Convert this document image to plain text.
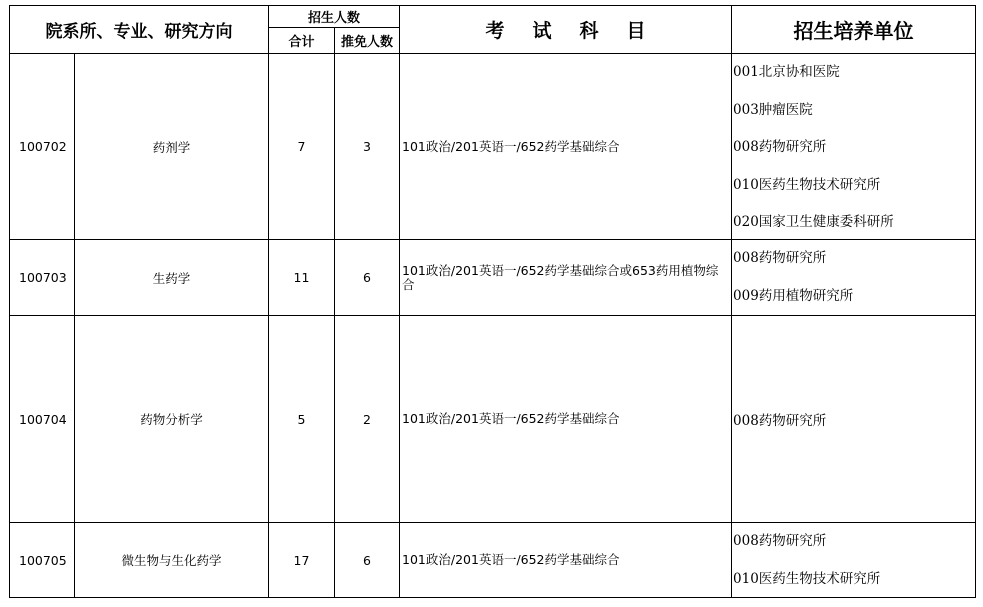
院系所、专业、研究方向		招生人数		考试科目	招生培养单位
		合计	推免人数		
100702	药剂学	7	3	101政治/201英语一/652药学基础综合	001北京协和医院
003肿瘤医院
008药物研究所
010医药生物技术研究所
020国家卫生健康委科研所

100703	生药学	11	6	101政治/201英语一/652药学基础综合或653药用植物综合	008药物研究所
009药用植物研究所

100704	药物分析学	5	2	101政治/201英语一/652药学基础综合	008药物研究所

100705	微生物与生化药学	17	6	101政治/201英语一/652药学基础综合	008药物研究所
010医药生物技术研究所
